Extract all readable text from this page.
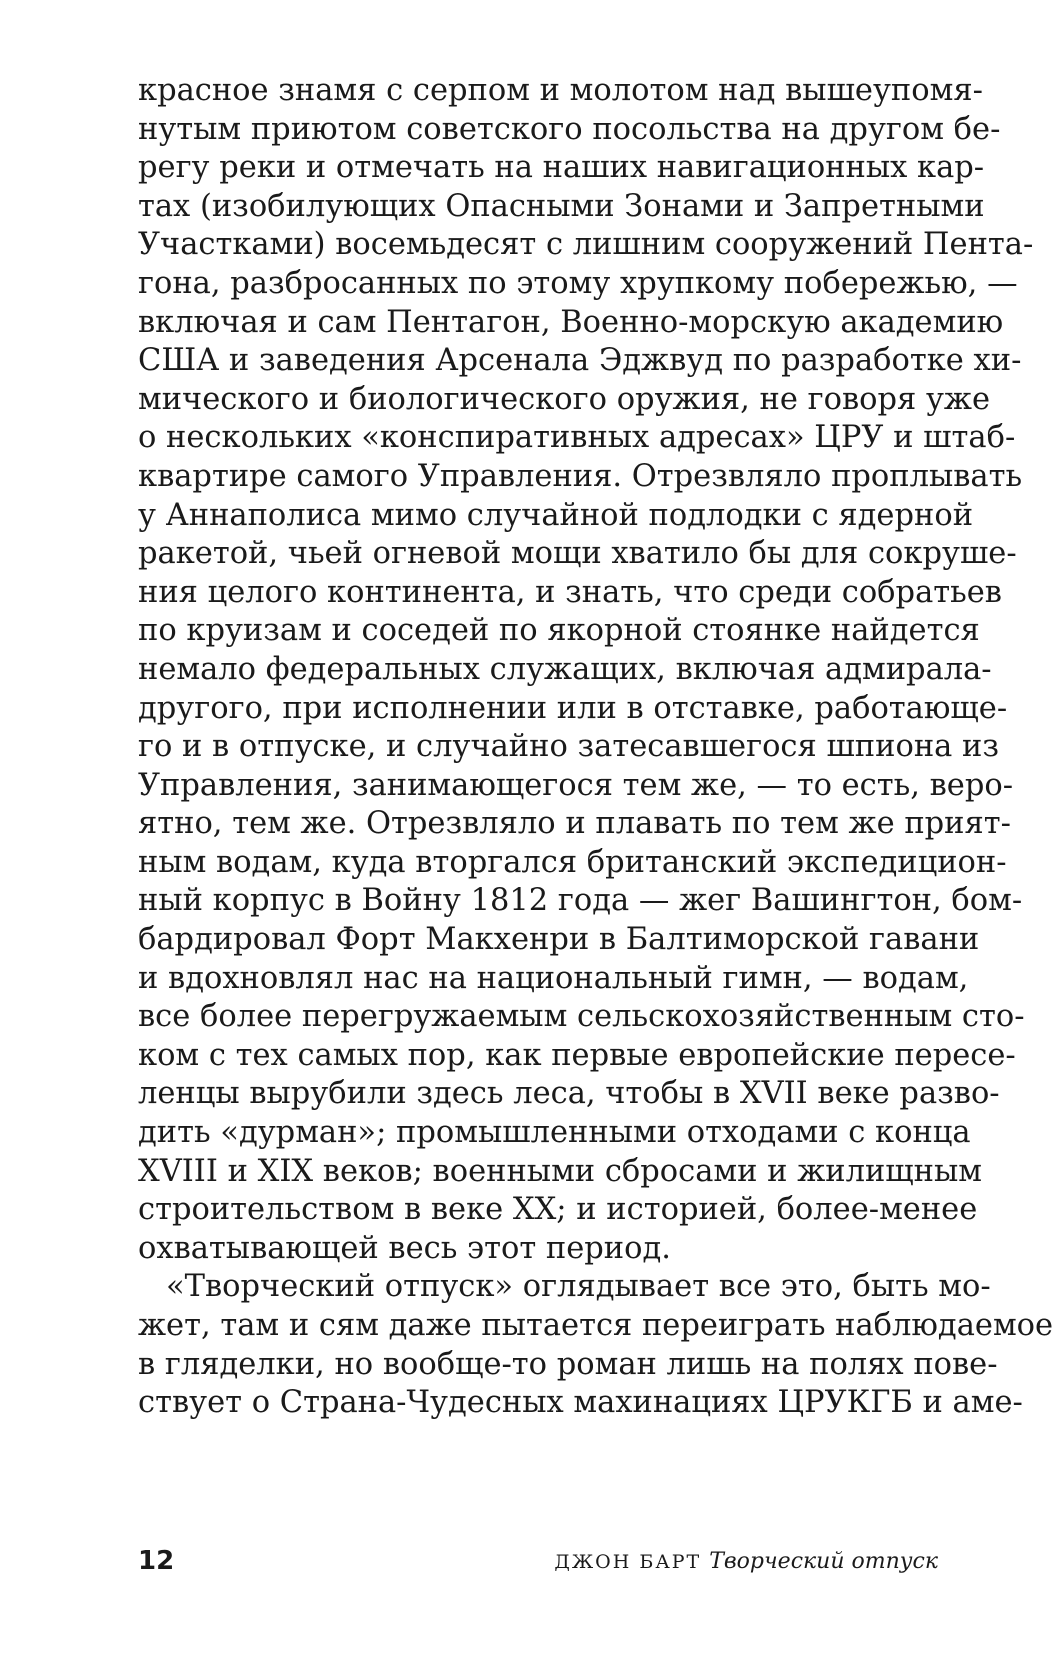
красное знамя с серпом и молотом над вышеупомя-
нутым приютом советского посольства на другом бе-
регу реки и отмечать на наших навигационных кар-
тах (изобилующих Опасными Зонами и Запретными
Участками) восемьдесят с лишним сооружений Пента-
гона, разбросанных по этому хрупкому побережью, —
включая и сам Пентагон, Военно-морскую академию
США и заведения Арсенала Эджвуд по разработке хи-
мического и биологического оружия, не говоря уже
о нескольких «конспиративных адресах» ЦРУ и штаб-
квартире самого Управления. Отрезвляло проплывать
у Аннаполиса мимо случайной подлодки с ядерной
ракетой, чьей огневой мощи хватило бы для сокруше-
ния целого континента, и знать, что среди собратьев
по круизам и соседей по якорной стоянке найдется
немало федеральных служащих, включая адмирала-
другого, при исполнении или в отставке, работающе-
го и в отпуске, и случайно затесавшегося шпиона из
Управления, занимающегося тем же, — то есть, веро-
ятно, тем же. Отрезвляло и плавать по тем же прият-
ным водам, куда вторгался британский экспедицион-
ный корпус в Войну 1812 года — жег Вашингтон, бом-
бардировал Форт Макхенри в Балтиморской гавани
и вдохновлял нас на национальный гимн, — водам,
все более перегружаемым сельскохозяйственным сто-
ком с тех самых пор, как первые европейские пересе-
ленцы вырубили здесь леса, чтобы в XVII веке разво-
дить «дурман»; промышленными отходами с конца
XVIII и XIX веков; военными сбросами и жилищным
строительством в веке XX; и историей, более-менее
охватывающей весь этот период.
«Творческий отпуск» оглядывает все это, быть мо-
жет, там и сям даже пытается переиграть наблюдаемое
в гляделки, но вообще-то роман лишь на полях пове-
ствует о Страна-Чудесных махинациях ЦРУКГБ и аме-
12	ДЖОН БАРТ Творческий отпуск
